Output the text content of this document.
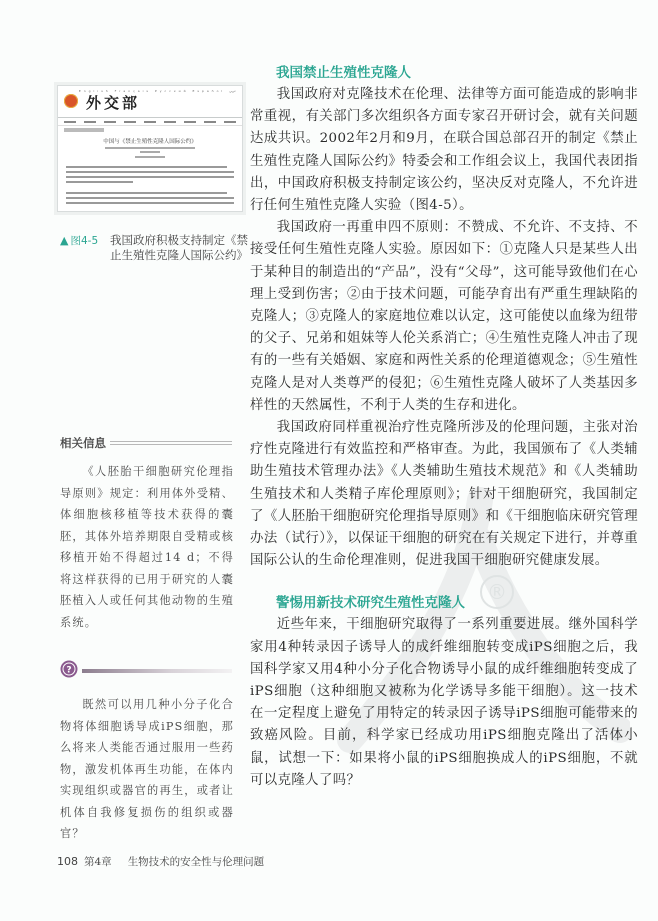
®
外交部
English Français Русский Español عربي
中国与《禁止生殖性克隆人国际公约》
▲ 图4-5 我国政府积极支持制定《禁止生殖性克隆人国际公约》
相关信息
《人胚胎干细胞研究伦理指导原则》规定：利用体外受精、体细胞核移植等技术获得的囊胚，其体外培养期限自受精或核移植开始不得超过14 d；不得将这样获得的已用于研究的人囊胚植入人或任何其他动物的生殖系统。
?
既然可以用几种小分子化合物将体细胞诱导成iPS细胞，那么将来人类能否通过服用一些药物，激发机体再生功能，在体内实现组织或器官的再生，或者让机体自我修复损伤的组织或器官？
我国禁止生殖性克隆人

我国政府对克隆技术在伦理、法律等方面可能造成的影响非常重视，有关部门多次组织各方面专家召开研讨会，就有关问题达成共识。2002年2月和9月，在联合国总部召开的制定《禁止生殖性克隆人国际公约》特委会和工作组会议上，我国代表团指出，中国政府积极支持制定该公约，坚决反对克隆人，不允许进行任何生殖性克隆人实验（图4-5）。

我国政府一再重申四不原则：不赞成、不允许、不支持、不接受任何生殖性克隆人实验。原因如下：①克隆人只是某些人出于某种目的制造出的“产品”，没有“父母”，这可能导致他们在心理上受到伤害；②由于技术问题，可能孕育出有严重生理缺陷的克隆人；③克隆人的家庭地位难以认定，这可能使以血缘为纽带的父子、兄弟和姐妹等人伦关系消亡；④生殖性克隆人冲击了现有的一些有关婚姻、家庭和两性关系的伦理道德观念；⑤生殖性克隆人是对人类尊严的侵犯；⑥生殖性克隆人破坏了人类基因多样性的天然属性，不利于人类的生存和进化。

我国政府同样重视治疗性克隆所涉及的伦理问题，主张对治疗性克隆进行有效监控和严格审查。为此，我国颁布了《人类辅助生殖技术管理办法》《人类辅助生殖技术规范》和《人类辅助生殖技术和人类精子库伦理原则》；针对干细胞研究，我国制定了《人胚胎干细胞研究伦理指导原则》和《干细胞临床研究管理办法（试行）》，以保证干细胞的研究在有关规定下进行，并尊重国际公认的生命伦理准则，促进我国干细胞研究健康发展。

警惕用新技术研究生殖性克隆人

近些年来，干细胞研究取得了一系列重要进展。继外国科学家用4种转录因子诱导人的成纤维细胞转变成iPS细胞之后，我国科学家又用4种小分子化合物诱导小鼠的成纤维细胞转变成了iPS细胞（这种细胞又被称为化学诱导多能干细胞）。这一技术在一定程度上避免了用特定的转录因子诱导iPS细胞可能带来的致癌风险。目前，科学家已经成功用iPS细胞克隆出了活体小鼠，试想一下：如果将小鼠的iPS细胞换成人的iPS细胞，不就可以克隆人了吗？

108 第4章 生物技术的安全性与伦理问题
